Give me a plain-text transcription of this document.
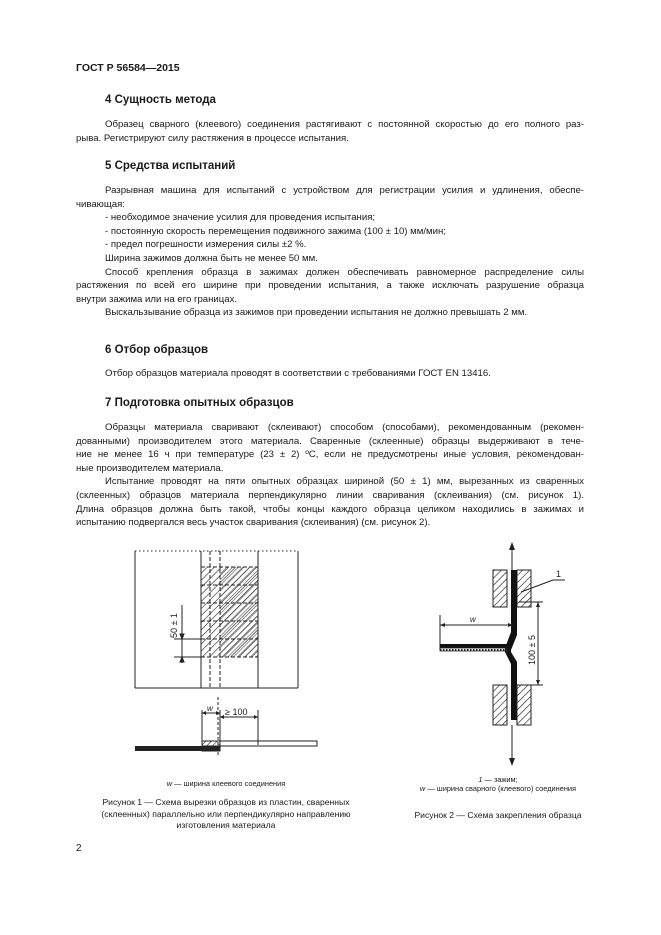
ГОСТ Р 56584—2015
4 Сущность метода
Образец сварного (клеевого) соединения растягивают с постоянной скоростью до его полного раз-
рыва. Регистрируют силу растяжения в процессе испытания.
5 Средства испытаний
Разрывная машина для испытаний с устройством для регистрации усилия и удлинения, обеспе-
чивающая:
- необходимое значение усилия для проведения испытания;
- постоянную скорость перемещения подвижного зажима (100 ± 10) мм/мин;
- предел погрешности измерения силы ±2 %.
Ширина зажимов должна быть не менее 50 мм.
Способ крепления образца в зажимах должен обеспечивать равномерное распределение силы
растяжения по всей его ширине при проведении испытания, а также исключать разрушение образца
внутри зажима или на его границах.
Выскальзывание образца из зажимов при проведении испытания не должно превышать 2 мм.
6 Отбор образцов
Отбор образцов материала проводят в соответствии с требованиями ГОСТ EN 13416.
7 Подготовка опытных образцов
Образцы материала сваривают (склеивают) способом (способами), рекомендованным (рекомен-
дованными) производителем этого материала. Сваренные (склеенные) образцы выдерживают в тече-
ние не менее 16 ч при температуре (23 ± 2) ºС, если не предусмотрены иные условия, рекомендован-
ные производителем материала.
Испытание проводят на пяти опытных образцах шириной (50 ± 1) мм, вырезанных из сваренных
(склеенных) образцов материала перпендикулярно линии сваривания (склеивания) (см. рисунок 1).
Длина образцов должна быть такой, чтобы концы каждого образца целиком находились в зажимах и
испытанию подвергался весь участок сваривания (склеивания) (см. рисунок 2).
50 ± 1
w ≥ 100
w — ширина клеевого соединения
Рисунок 1 — Схема вырезки образцов из пластин, сваренных
(склеенных) параллельно или перпендикулярно направлению
изготовления материала
1
w
100 ± 5
1 — зажим;
w — ширина сварного (клеевого) соединения
Рисунок 2 — Схема закрепления образца
2
